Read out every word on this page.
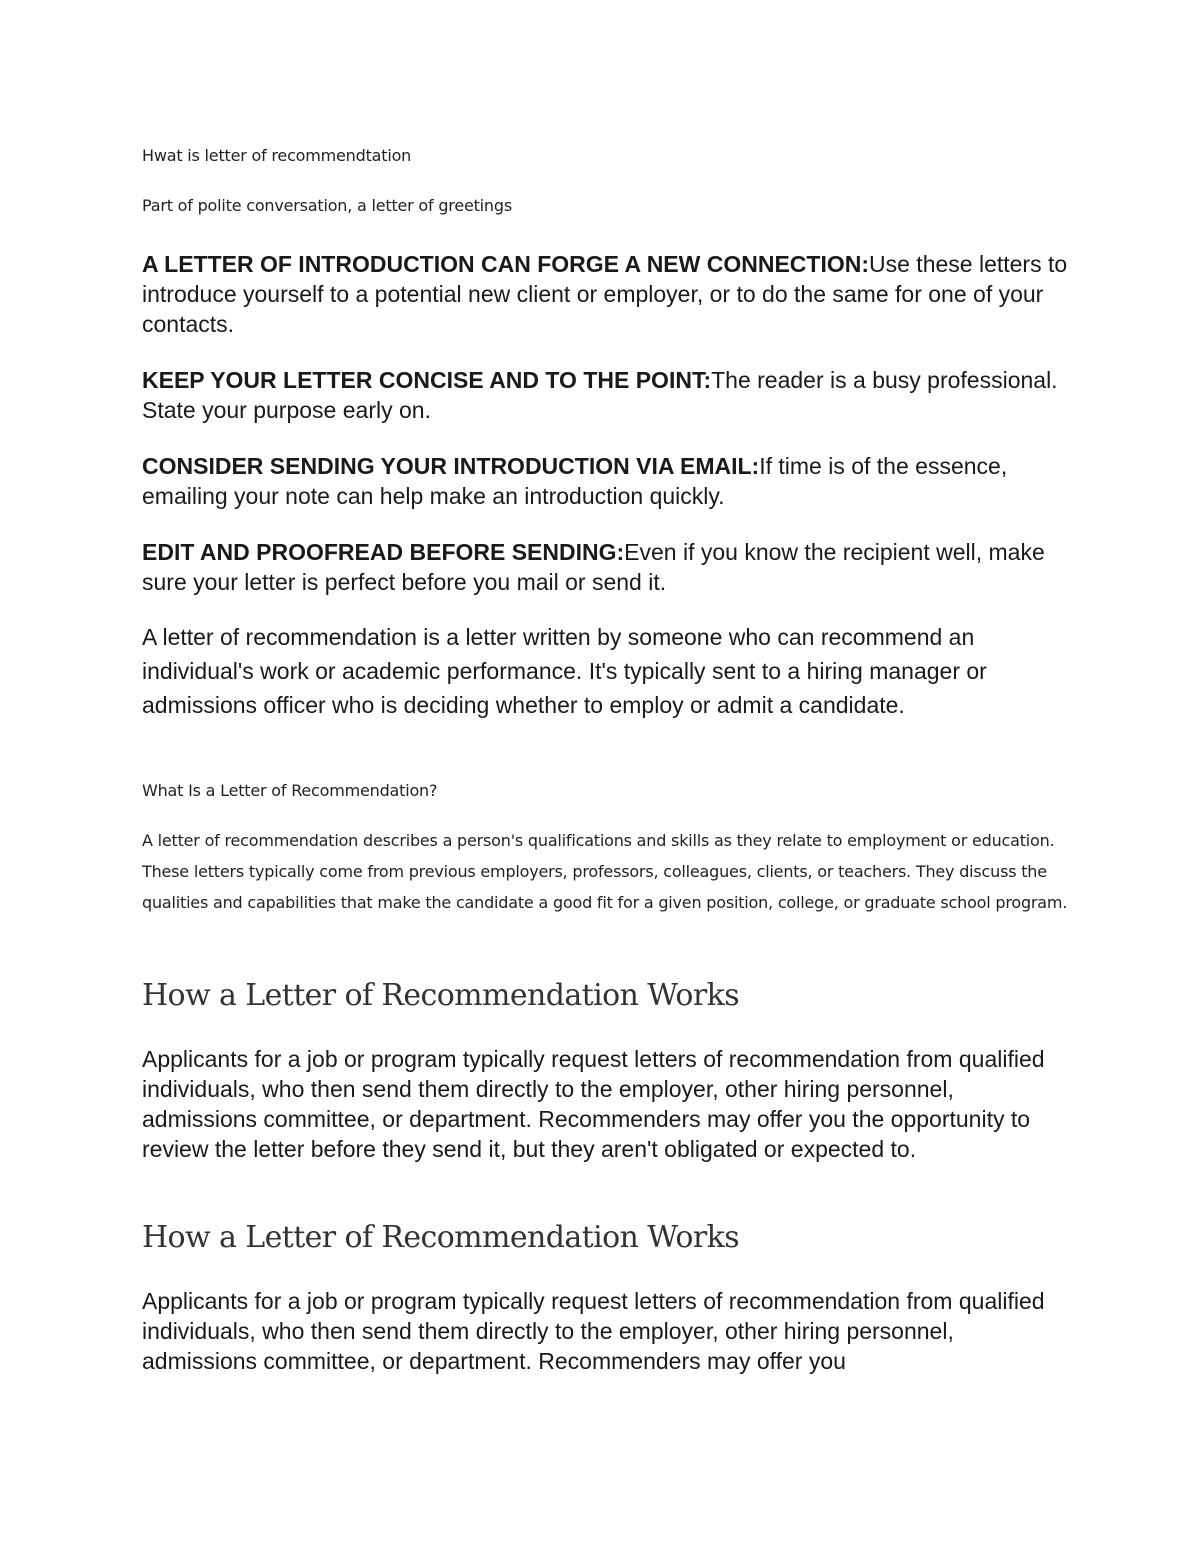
Hwat is letter of recommendtation

Part of polite conversation, a letter of greetings

A LETTER OF INTRODUCTION CAN FORGE A NEW CONNECTION:Use these letters to introduce yourself to a potential new client or employer, or to do the same for one of your contacts.

KEEP YOUR LETTER CONCISE AND TO THE POINT:The reader is a busy professional. State your purpose early on.

CONSIDER SENDING YOUR INTRODUCTION VIA EMAIL:If time is of the essence, emailing your note can help make an introduction quickly.

EDIT AND PROOFREAD BEFORE SENDING:Even if you know the recipient well, make sure your letter is perfect before you mail or send it.

A letter of recommendation is a letter written by someone who can recommend an individual's work or academic performance. It's typically sent to a hiring manager or admissions officer who is deciding whether to employ or admit a candidate.

What Is a Letter of Recommendation?

A letter of recommendation describes a person's qualifications and skills as they relate to employment or education. These letters typically come from previous employers, professors, colleagues, clients, or teachers. They discuss the qualities and capabilities that make the candidate a good fit for a given position, college, or graduate school program.

How a Letter of Recommendation Works

Applicants for a job or program typically request letters of recommendation from qualified individuals, who then send them directly to the employer, other hiring personnel, admissions committee, or department. Recommenders may offer you the opportunity to review the letter before they send it, but they aren't obligated or expected to.

How a Letter of Recommendation Works

Applicants for a job or program typically request letters of recommendation from qualified individuals, who then send them directly to the employer, other hiring personnel, admissions committee, or department. Recommenders may offer you
